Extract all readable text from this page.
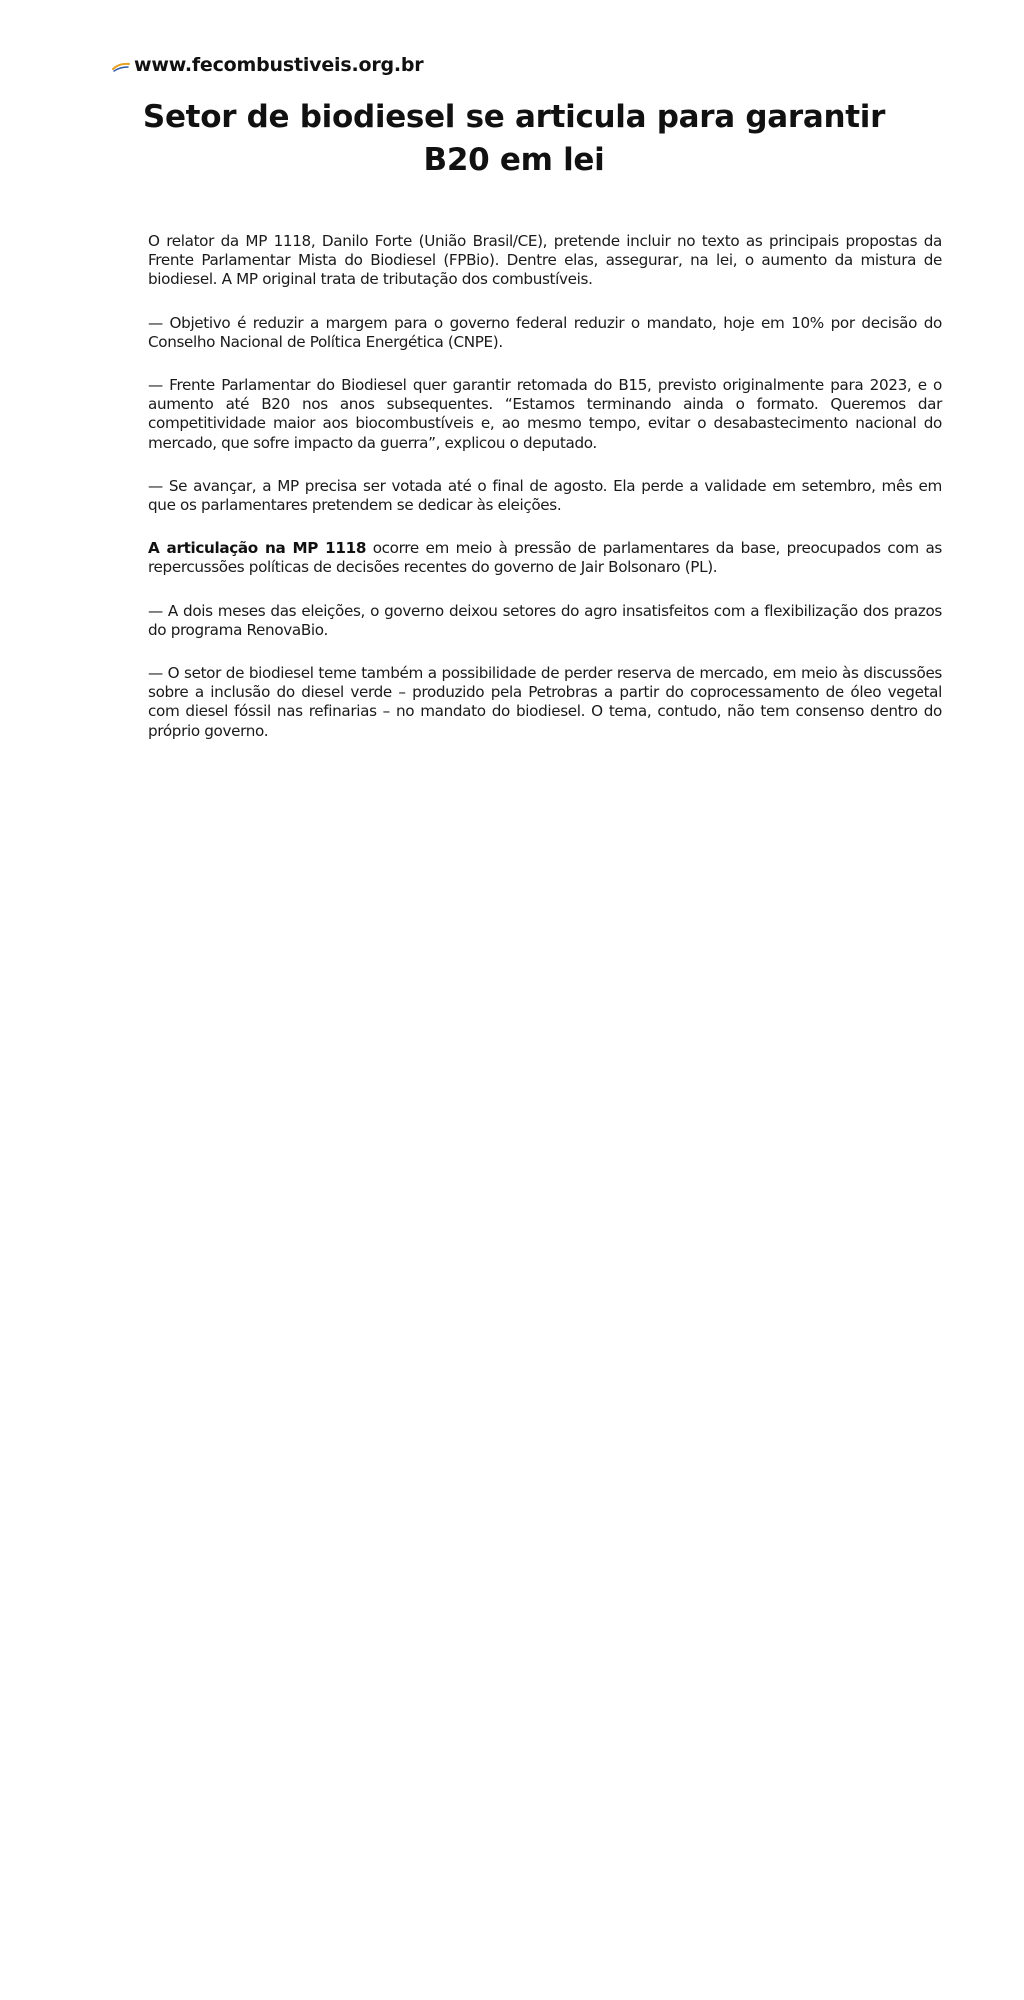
www.fecombustiveis.org.br
Setor de biodiesel se articula para garantir B20 em lei

O relator da MP 1118, Danilo Forte (União Brasil/CE), pretende incluir no texto as principais propostas da Frente Parlamentar Mista do Biodiesel (FPBio). Dentre elas, assegurar, na lei, o aumento da mistura de biodiesel. A MP original trata de tributação dos combustíveis.

— Objetivo é reduzir a margem para o governo federal reduzir o mandato, hoje em 10% por decisão do Conselho Nacional de Política Energética (CNPE).

— Frente Parlamentar do Biodiesel quer garantir retomada do B15, previsto originalmente para 2023, e o aumento até B20 nos anos subsequentes. “Estamos terminando ainda o formato. Queremos dar competitividade maior aos biocombustíveis e, ao mesmo tempo, evitar o desabastecimento nacional do mercado, que sofre impacto da guerra”, explicou o deputado.

— Se avançar, a MP precisa ser votada até o final de agosto. Ela perde a validade em setembro, mês em que os parlamentares pretendem se dedicar às eleições.

A articulação na MP 1118 ocorre em meio à pressão de parlamentares da base, preocupados com as repercussões políticas de decisões recentes do governo de Jair Bolsonaro (PL).

— A dois meses das eleições, o governo deixou setores do agro insatisfeitos com a flexibilização dos prazos do programa RenovaBio.

— O setor de biodiesel teme também a possibilidade de perder reserva de mercado, em meio às discussões sobre a inclusão do diesel verde – produzido pela Petrobras a partir do coprocessamento de óleo vegetal com diesel fóssil nas refinarias – no mandato do biodiesel. O tema, contudo, não tem consenso dentro do próprio governo.
